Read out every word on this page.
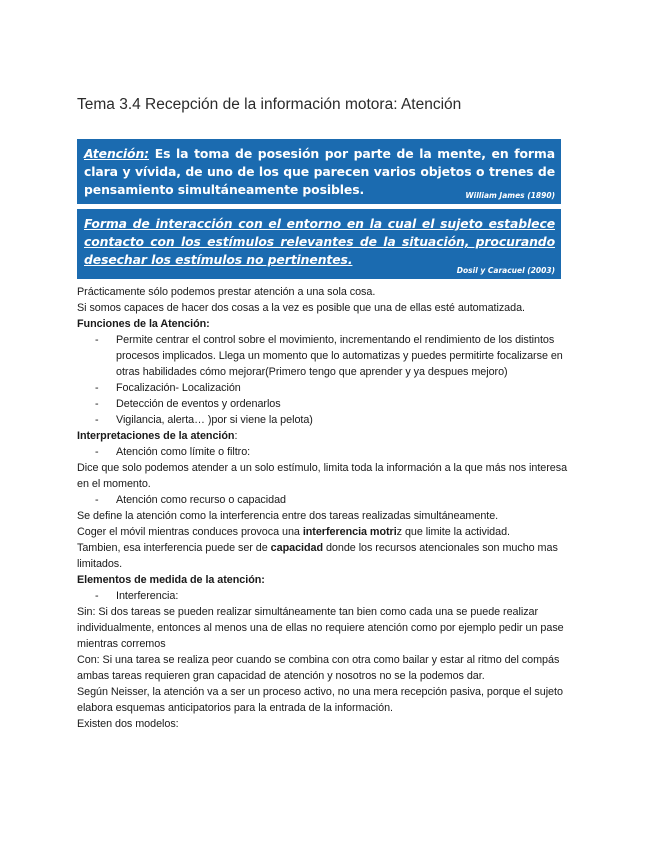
Tema 3.4 Recepción de la información motora: Atención
Atención: Es la toma de posesión por parte de la mente, en forma clara y vívida, de uno de los que parecen varios objetos o trenes de pensamiento simultáneamente posibles.	William James (1890)
Forma de interacción con el entorno en la cual el sujeto establece contacto con los estímulos relevantes de la situación, procurando desechar los estímulos no pertinentes.
Dosil y Caracuel (2003)

Prácticamente sólo podemos prestar atención a una sola cosa.

Si somos capaces de hacer dos cosas a la vez es posible que una de ellas esté automatizada.

Funciones de la Atención:

- Permite centrar el control sobre el movimiento, incrementando el rendimiento de los distintos procesos implicados. Llega un momento que lo automatizas y puedes permitirte focalizarse en otras habilidades cómo mejorar(Primero tengo que aprender y ya despues mejoro)

- Focalización- Localización

- Detección de eventos y ordenarlos

- Vigilancia, alerta… )por si viene la pelota)

Interpretaciones de la atención:

- Atención como límite o filtro:

Dice que solo podemos atender a un solo estímulo, limita toda la información a la que más nos interesa en el momento.

- Atención como recurso o capacidad

Se define la atención como la interferencia entre dos tareas realizadas simultáneamente.

Coger el móvil mientras conduces provoca una interferencia motriz que limite la actividad.

Tambien, esa interferencia puede ser de capacidad donde los recursos atencionales son mucho mas limitados.

Elementos de medida de la atención:

- Interferencia:

Sin: Si dos tareas se pueden realizar simultáneamente tan bien como cada una se puede realizar individualmente, entonces al menos una de ellas no requiere atención como por ejemplo pedir un pase mientras corremos

Con: Si una tarea se realiza peor cuando se combina con otra como bailar y estar al ritmo del compás ambas tareas requieren gran capacidad de atención y nosotros no se la podemos dar.

Según Neisser, la atención va a ser un proceso activo, no una mera recepción pasiva, porque el sujeto elabora esquemas anticipatorios para la entrada de la información.

Existen dos modelos:
